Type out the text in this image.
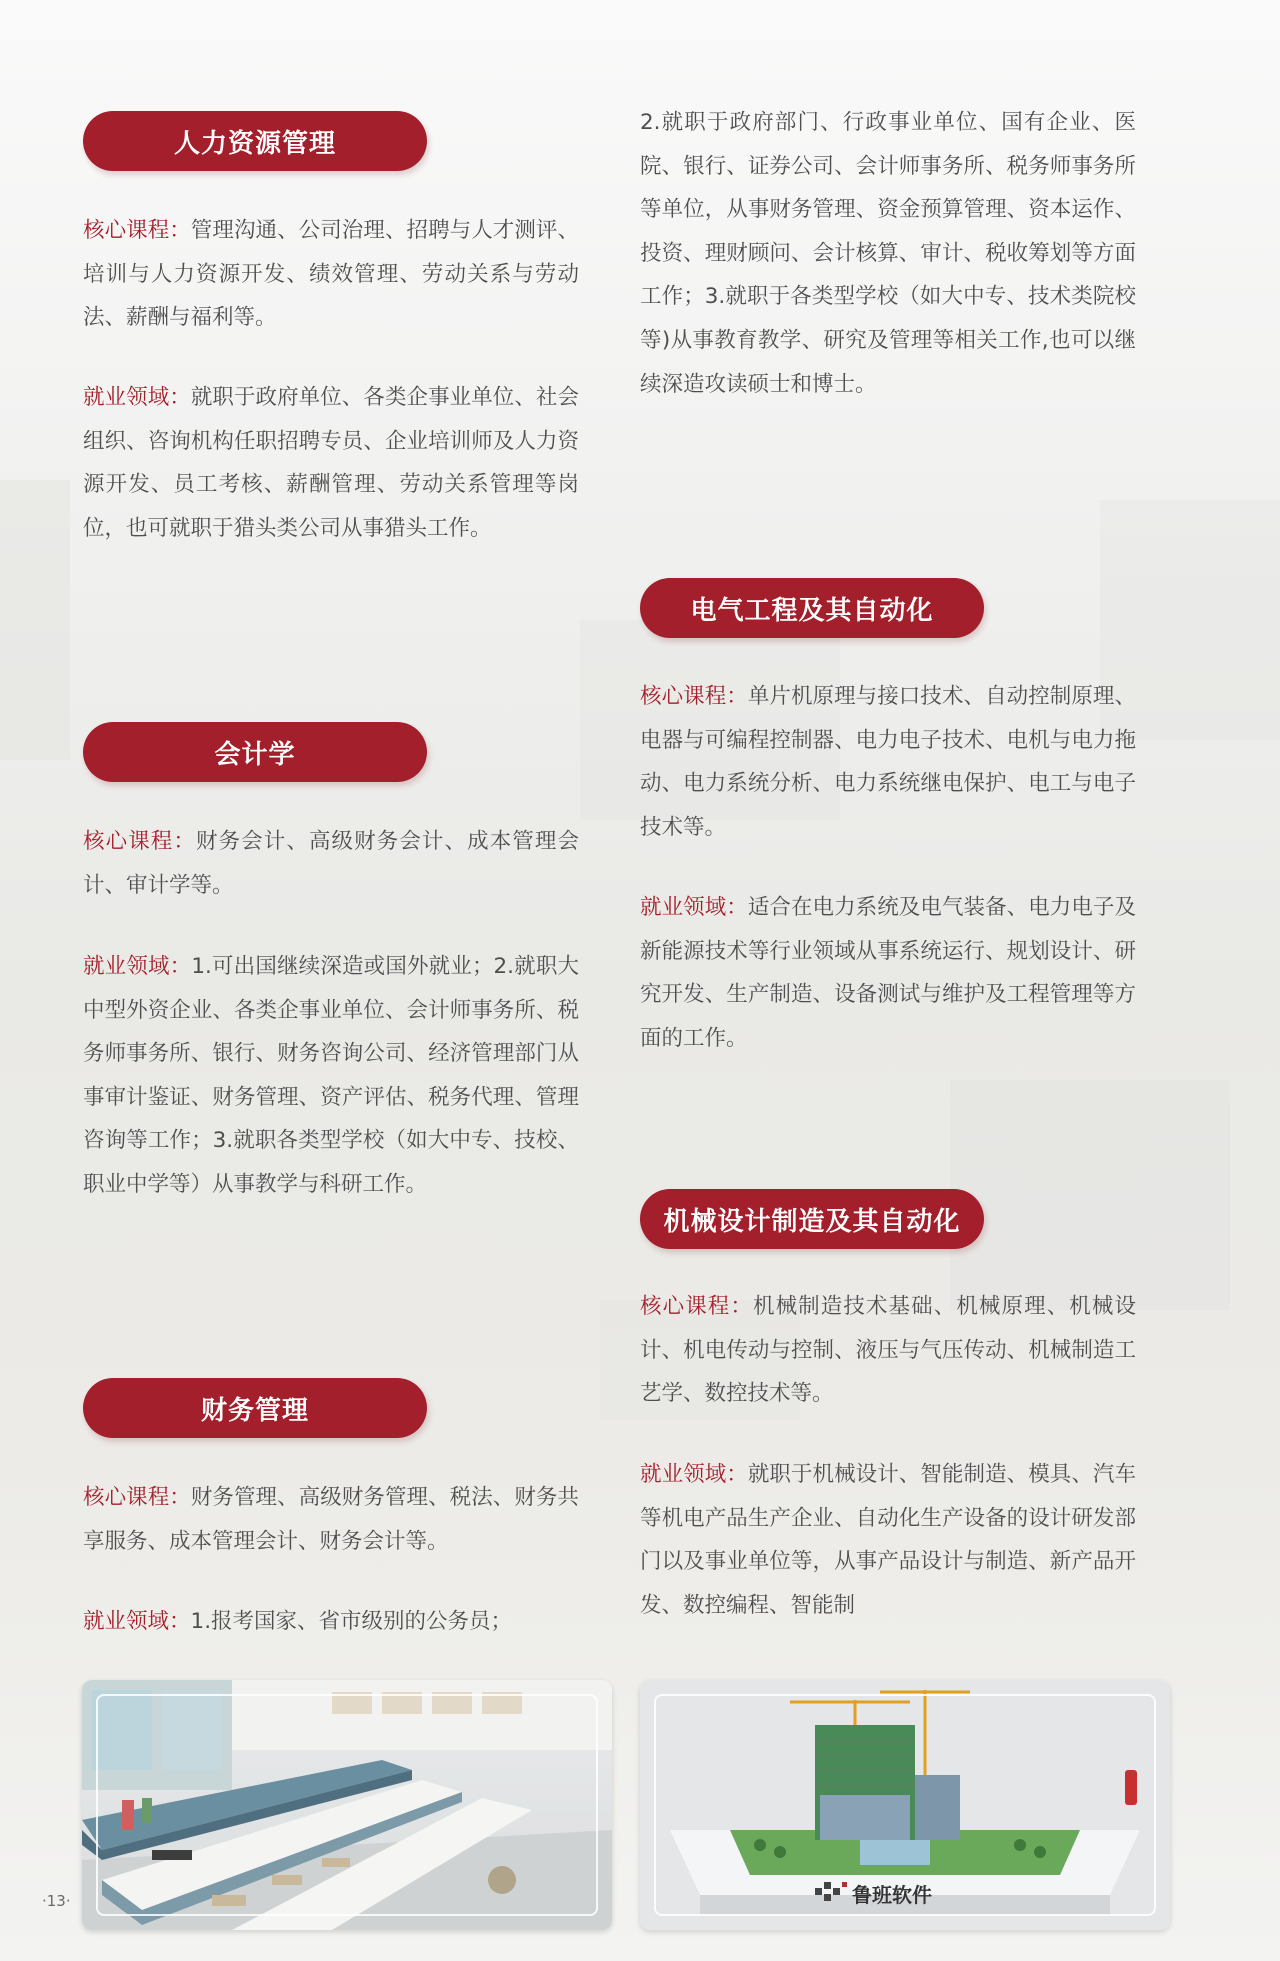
人力资源管理

核心课程：管理沟通、公司治理、招聘与人才测评、培训与人力资源开发、绩效管理、劳动关系与劳动法、薪酬与福利等。

就业领域：就职于政府单位、各类企事业单位、社会组织、咨询机构任职招聘专员、企业培训师及人力资源开发、员工考核、薪酬管理、劳动关系管理等岗位，也可就职于猎头类公司从事猎头工作。

会计学

核心课程：财务会计、高级财务会计、成本管理会计、审计学等。

就业领域：1.可出国继续深造或国外就业；2.就职大中型外资企业、各类企事业单位、会计师事务所、税务师事务所、银行、财务咨询公司、经济管理部门从事审计鉴证、财务管理、资产评估、税务代理、管理咨询等工作；3.就职各类型学校（如大中专、技校、职业中学等）从事教学与科研工作。

财务管理

核心课程：财务管理、高级财务管理、税法、财务共享服务、成本管理会计、财务会计等。

就业领域：1.报考国家、省市级别的公务员；

2.就职于政府部门、行政事业单位、国有企业、医院、银行、证券公司、会计师事务所、税务师事务所等单位，从事财务管理、资金预算管理、资本运作、投资、理财顾问、会计核算、审计、税收筹划等方面工作；3.就职于各类型学校（如大中专、技术类院校等)从事教育教学、研究及管理等相关工作,也可以继续深造攻读硕士和博士。

电气工程及其自动化

核心课程：单片机原理与接口技术、自动控制原理、电器与可编程控制器、电力电子技术、电机与电力拖动、电力系统分析、电力系统继电保护、电工与电子技术等。

就业领域：适合在电力系统及电气装备、电力电子及新能源技术等行业领域从事系统运行、规划设计、研究开发、生产制造、设备测试与维护及工程管理等方面的工作。

机械设计制造及其自动化

核心课程：机械制造技术基础、机械原理、机械设计、机电传动与控制、液压与气压传动、机械制造工艺学、数控技术等。

就业领域：就职于机械设计、智能制造、模具、汽车等机电产品生产企业、自动化生产设备的设计研发部门以及事业单位等，从事产品设计与制造、新产品开发、数控编程、智能制

鲁班软件
·13·
